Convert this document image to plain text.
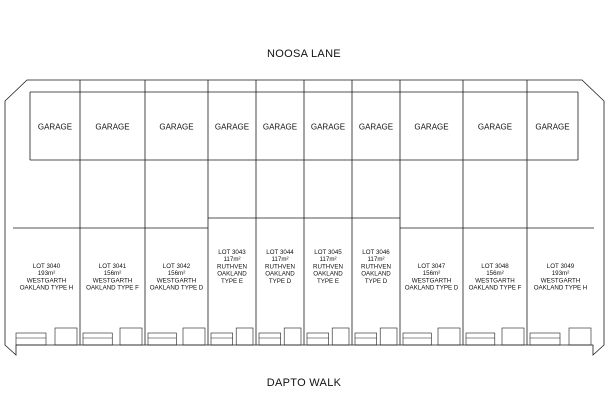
NOOSA LANE
GARAGE
LOT 3040
193m²
WESTGARTH
OAKLAND TYPE H
GARAGE
LOT 3041
156m²
WESTGARTH
OAKLAND TYPE F
GARAGE
LOT 3042
156m²
WESTGARTH
OAKLAND TYPE D
GARAGE
LOT 3043
117m²
RUTHVEN
OAKLAND
TYPE E
GARAGE
LOT 3044
117m²
RUTHVEN
OAKLAND
TYPE D
GARAGE
LOT 3045
117m²
RUTHVEN
OAKLAND
TYPE E
GARAGE
LOT 3046
117m²
RUTHVEN
OAKLAND
TYPE D
GARAGE
LOT 3047
156m²
WESTGARTH
OAKLAND TYPE D
GARAGE
LOT 3048
156m²
WESTGARTH
OAKLAND TYPE F
GARAGE
LOT 3049
193m²
WESTGARTH
OAKLAND TYPE H
DAPTO WALK
